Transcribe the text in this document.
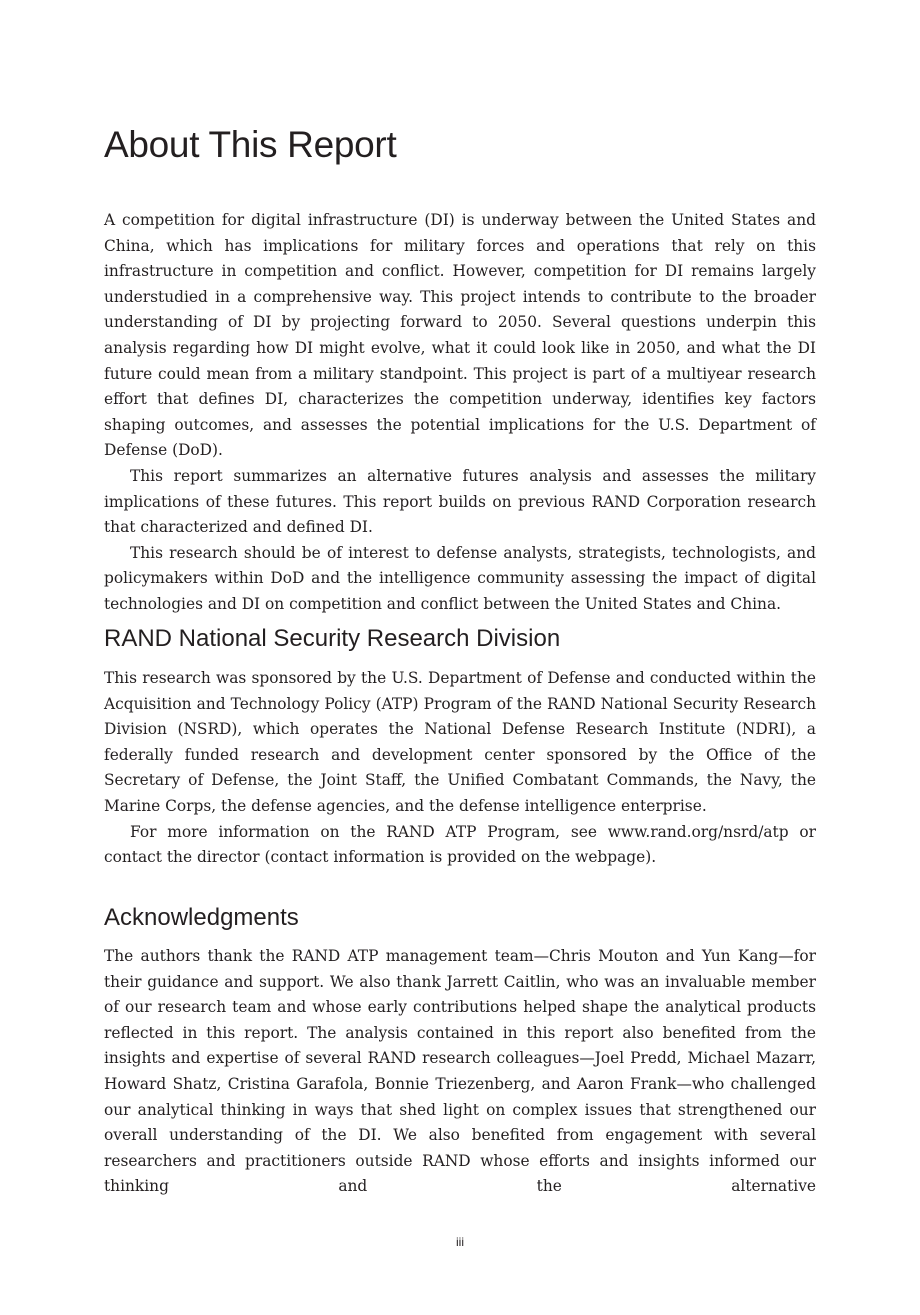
About This Report

A competition for digital infrastructure (DI) is underway between the United States and China, which has implications for military forces and operations that rely on this infrastructure in competition and conflict. However, competition for DI remains largely understudied in a comprehensive way. This project intends to contribute to the broader understanding of DI by projecting forward to 2050. Several questions underpin this analysis regarding how DI might evolve, what it could look like in 2050, and what the DI future could mean from a military standpoint. This project is part of a multiyear research effort that defines DI, characterizes the competition underway, identifies key factors shaping outcomes, and assesses the potential implications for the U.S. Department of Defense (DoD).

This report summarizes an alternative futures analysis and assesses the military implications of these futures. This report builds on previous RAND Corporation research that characterized and defined DI.

This research should be of interest to defense analysts, strategists, technologists, and policymakers within DoD and the intelligence community assessing the impact of digital technologies and DI on competition and conflict between the United States and China.

RAND National Security Research Division

This research was sponsored by the U.S. Department of Defense and conducted within the Acquisition and Technology Policy (ATP) Program of the RAND National Security Research Division (NSRD), which operates the National Defense Research Institute (NDRI), a federally funded research and development center sponsored by the Office of the Secretary of Defense, the Joint Staff, the Unified Combatant Commands, the Navy, the Marine Corps, the defense agencies, and the defense intelligence enterprise.

For more information on the RAND ATP Program, see www.rand.org/nsrd/atp or contact the director (contact information is provided on the webpage).

Acknowledgments

The authors thank the RAND ATP management team—Chris Mouton and Yun Kang—for their guidance and support. We also thank Jarrett Caitlin, who was an invaluable member of our research team and whose early contributions helped shape the analytical products reflected in this report. The analysis contained in this report also benefited from the insights and expertise of several RAND research colleagues—Joel Predd, Michael Mazarr, Howard Shatz, Cristina Garafola, Bonnie Triezenberg, and Aaron Frank—who challenged our analytical thinking in ways that shed light on complex issues that strengthened our overall understanding of the DI. We also benefited from engagement with several researchers and practitioners outside RAND whose efforts and insights informed our thinking and the alternative

iii
